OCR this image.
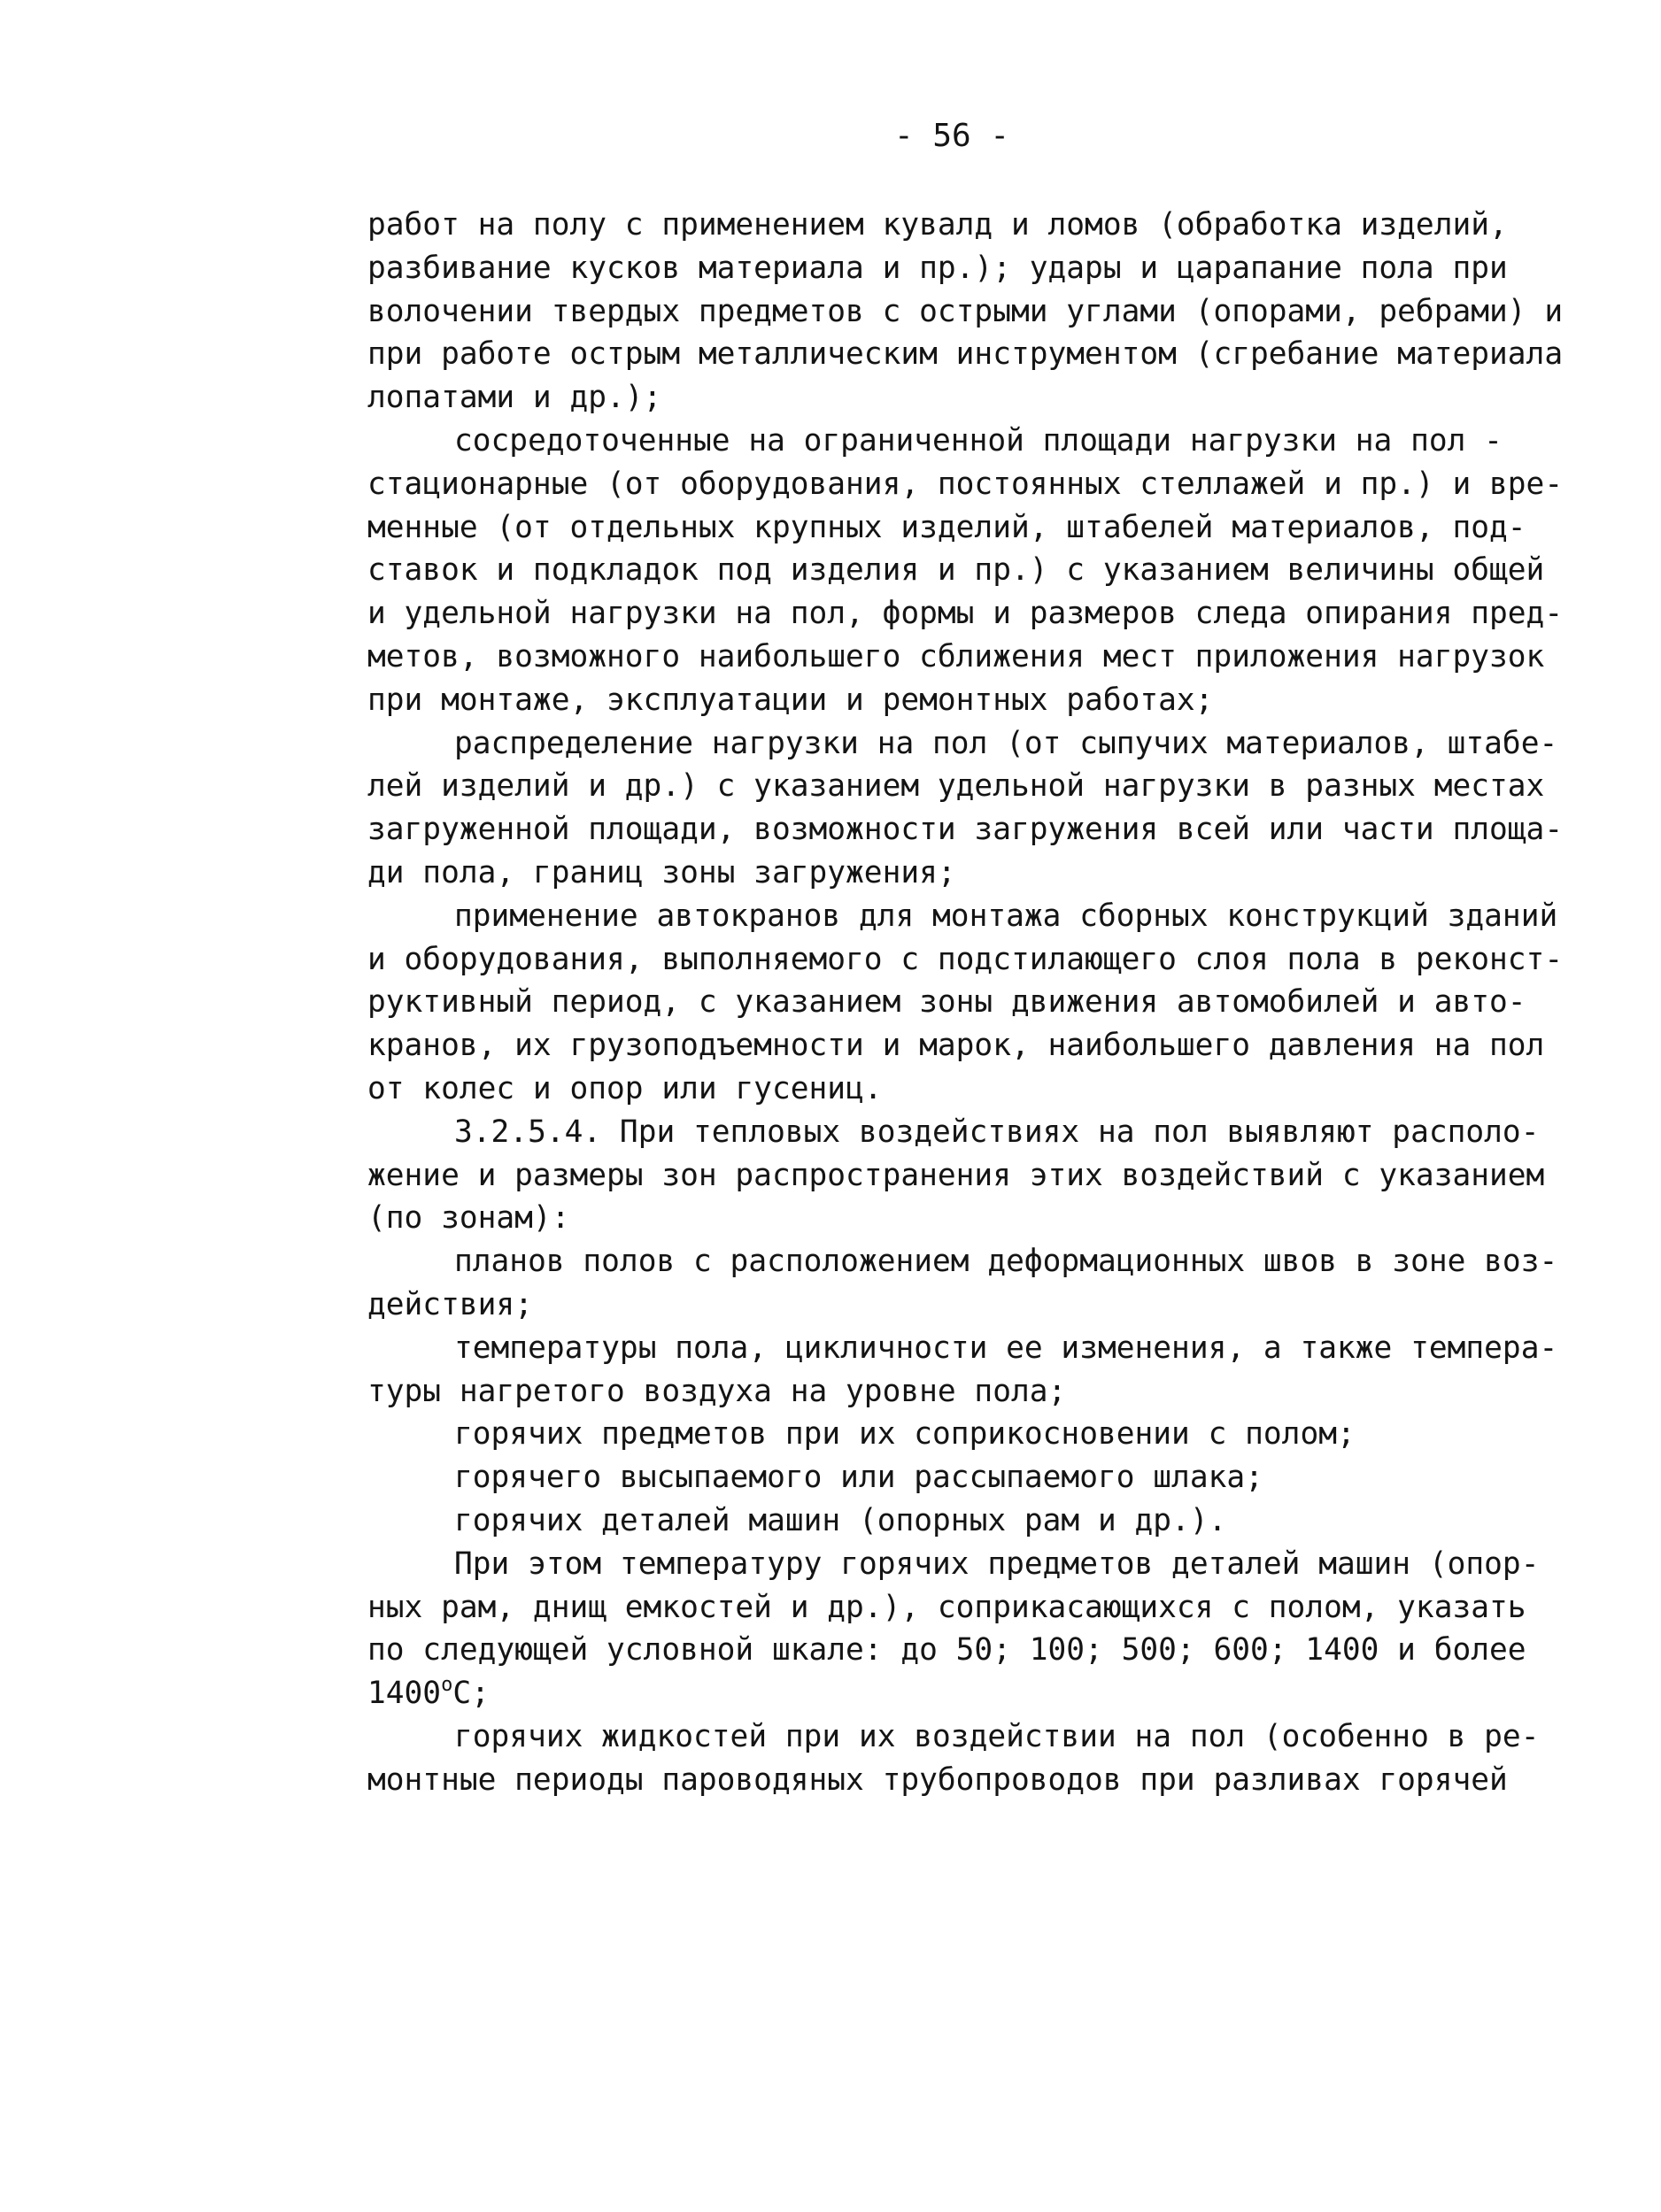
- 56 -
работ на полу с применением кувалд и ломов (обработка изделий,
разбивание кусков материала и пр.); удары и царапание пола при
волочении твердых предметов с острыми углами (опорами, ребрами) и
при работе острым металлическим инструментом (сгребание материала
лопатами и др.);
сосредоточенные на ограниченной площади нагрузки на пол -
стационарные (от оборудования, постоянных стеллажей и пр.) и вре-
менные (от отдельных крупных изделий, штабелей материалов, под-
ставок и подкладок под изделия и пр.) с указанием величины общей
и удельной нагрузки на пол, формы и размеров следа опирания пред-
метов, возможного наибольшего сближения мест приложения нагрузок
при монтаже, эксплуатации и ремонтных работах;
распределение нагрузки на пол (от сыпучих материалов, штабе-
лей изделий и др.) с указанием удельной нагрузки в разных местах
загруженной площади, возможности загружения всей или части площа-
ди пола, границ зоны загружения;
применение автокранов для монтажа сборных конструкций зданий
и оборудования, выполняемого с подстилающего слоя пола в реконст-
руктивный период, с указанием зоны движения автомобилей и авто-
кранов, их грузоподъемности и марок, наибольшего давления на пол
от колес и опор или гусениц.
3.2.5.4. При тепловых воздействиях на пол выявляют располо-
жение и размеры зон распространения этих воздействий с указанием
(по зонам):
планов полов с расположением деформационных швов в зоне воз-
действия;
температуры пола, цикличности ее изменения, а также темпера-
туры нагретого воздуха на уровне пола;
горячих предметов при их соприкосновении с полом;
горячего высыпаемого или рассыпаемого шлака;
горячих деталей машин (опорных рам и др.).
При этом температуру горячих предметов деталей машин (опор-
ных рам, днищ емкостей и др.), соприкасающихся с полом, указать
по следующей условной шкале: до 50; 100; 500; 600; 1400 и более
$1400^оС$;
горячих жидкостей при их воздействии на пол (особенно в ре-
монтные периоды пароводяных трубопроводов при разливах горячей
